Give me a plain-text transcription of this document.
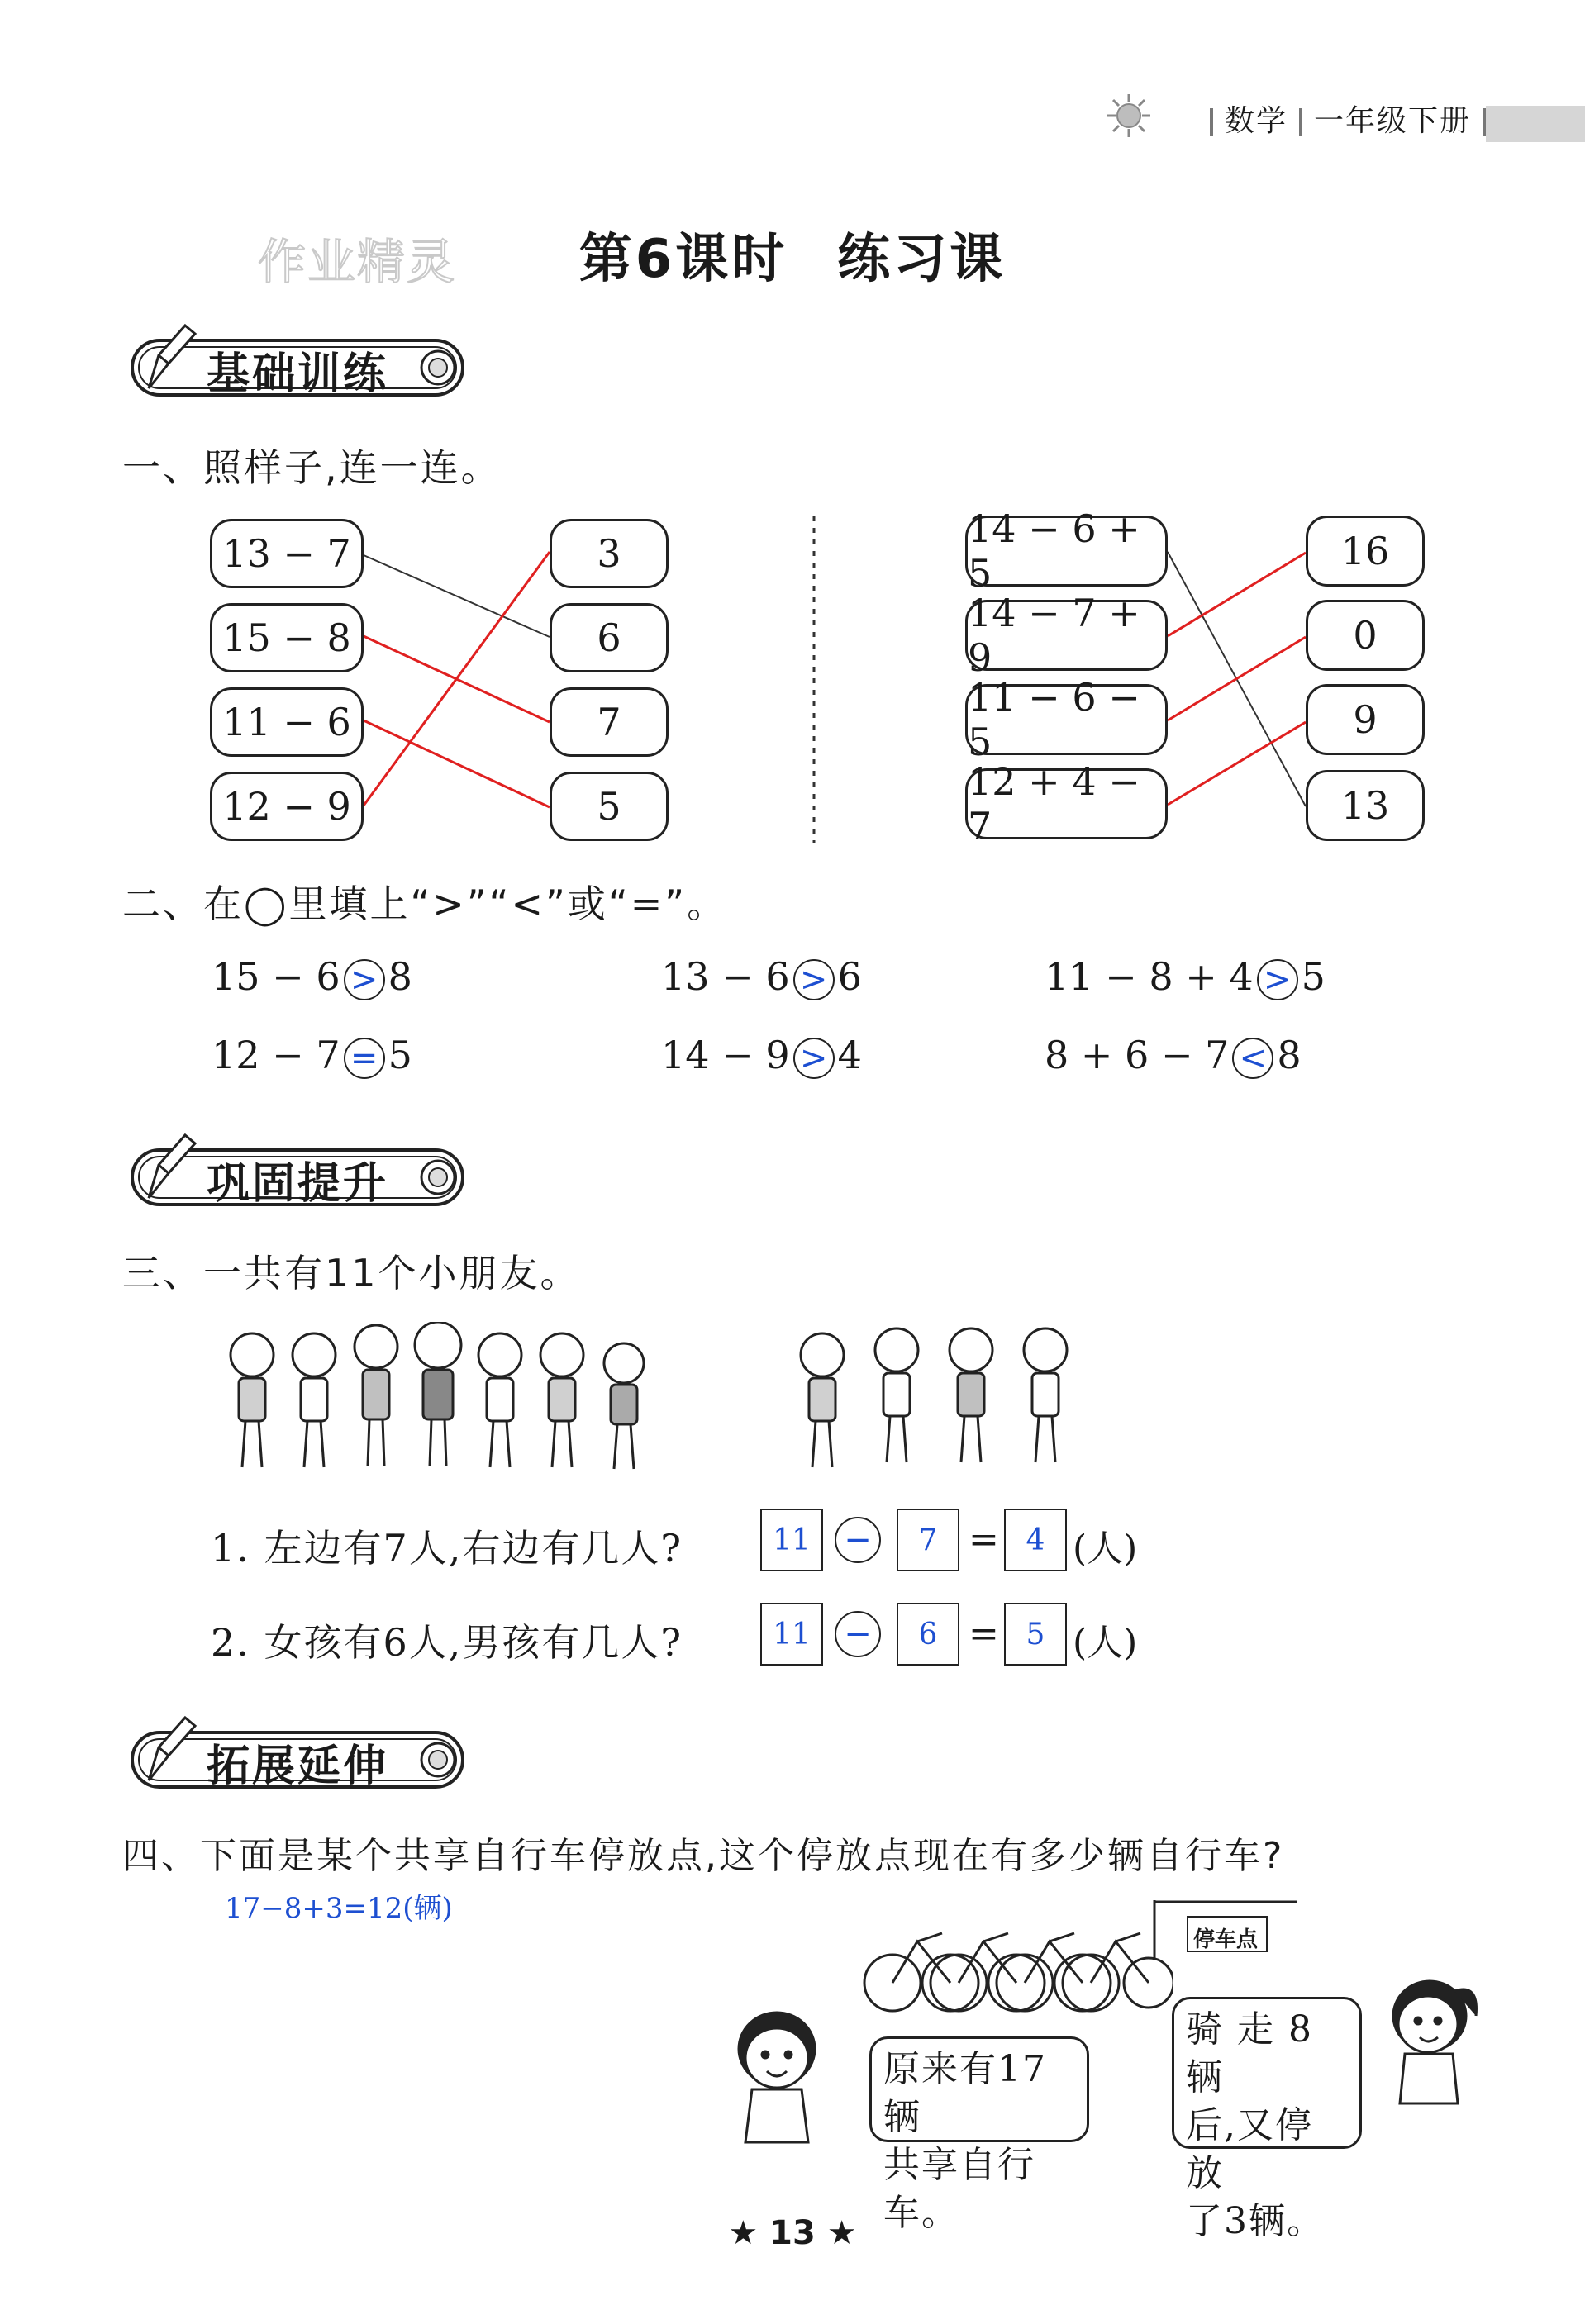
数学 一年级下册
作业精灵	第6课时 练习课
基础训练
一、照样子,连一连。
13 − 7
15 − 8
11 − 6
12 − 9
3
6
7
5
14 − 6 + 5
14 − 7 + 9
11 − 6 − 5
12 + 4 − 7
16
0
9
13
二、在◯里填上“>”“<”或“=”。
15 − 6 > 8	13 − 6 > 6	11 − 8 + 4 > 5
12 − 7 = 5	14 − 9 > 4	8 + 6 − 7 < 8
巩固提升
三、一共有11个小朋友。
1. 左边有7人,右边有几人?	11	−	7 = 4 (人)
2. 女孩有6人,男孩有几人?	11	−	6 = 5 (人)
拓展延伸
四、下面是某个共享自行车停放点,这个停放点现在有多少辆自行车?
17−8+3=12(辆)
停车点
原来有17辆
共享自行车。
骑 走 8 辆
后,又停放
了3辆。
★ 13 ★
